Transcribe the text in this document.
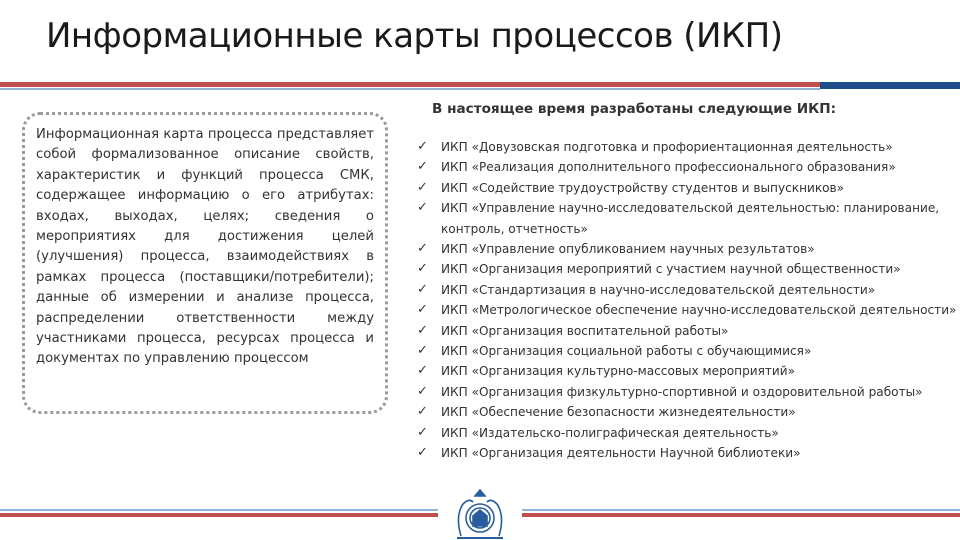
Информационные карты процессов (ИКП)
Информационная карта процесса представляет собой формализованное описание свойств, характеристик и функций процесса СМК, содержащее информацию о его атрибутах: входах, выходах, целях; сведения о мероприятиях для достижения целей (улучшения) процесса, взаимодействиях в рамках процесса (поставщики/потребители); данные об измерении и анализе процесса, распределении ответственности между участниками процесса, ресурсах процесса и документах по управлению процессом
В настоящее время разработаны следующие ИКП:
✓ ИКП «Довузовская подготовка и профориентационная деятельность»
✓ ИКП «Реализация дополнительного профессионального образования»
✓ ИКП «Содействие трудоустройству студентов и выпускников»
✓ ИКП «Управление научно-исследовательской деятельностью: планирование, контроль, отчетность»
✓ ИКП «Управление опубликованием научных результатов»
✓ ИКП «Организация мероприятий с участием научной общественности»
✓ ИКП «Стандартизация в научно-исследовательской деятельности»
✓ ИКП «Метрологическое обеспечение научно-исследовательской деятельности»
✓ ИКП «Организация воспитательной работы»
✓ ИКП «Организация социальной работы с обучающимися»
✓ ИКП «Организация культурно-массовых мероприятий»
✓ ИКП «Организация физкультурно-спортивной и оздоровительной работы»
✓ ИКП «Обеспечение безопасности жизнедеятельности»
✓ ИКП «Издательско-полиграфическая деятельность»
✓ ИКП «Организация деятельности Научной библиотеки»
